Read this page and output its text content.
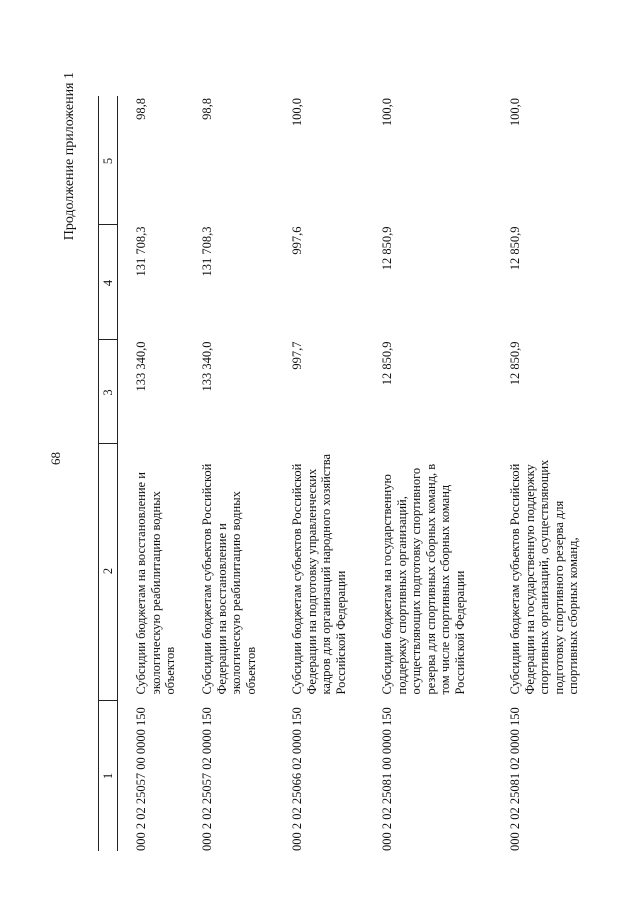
68
Продолжение приложения 1
1	2	3	4	5
000 2 02 25057 00 0000 150	Субсидии бюджетам на восстановление и экологическую реабилитацию водных объектов	133 340,0	131 708,3	98,8
000 2 02 25057 02 0000 150	Субсидии бюджетам субъектов Российской Федерации на восстановление и экологическую реабилитацию водных объектов	133 340,0	131 708,3	98,8
000 2 02 25066 02 0000 150	Субсидии бюджетам субъектов Российской Федерации на подготовку управленческих кадров для организаций народного хозяйства Российской Федерации	997,7	997,6	100,0
000 2 02 25081 00 0000 150	Субсидии бюджетам на государственную поддержку спортивных организаций, осуществляющих подготовку спортивного резерва для спортивных сборных команд, в том числе спортивных сборных команд Российской Федерации	12 850,9	12 850,9	100,0
000 2 02 25081 02 0000 150	Субсидии бюджетам субъектов Российской Федерации на государственную поддержку спортивных организаций, осуществляющих подготовку спортивного резерва для спортивных сборных команд,	12 850,9	12 850,9	100,0
